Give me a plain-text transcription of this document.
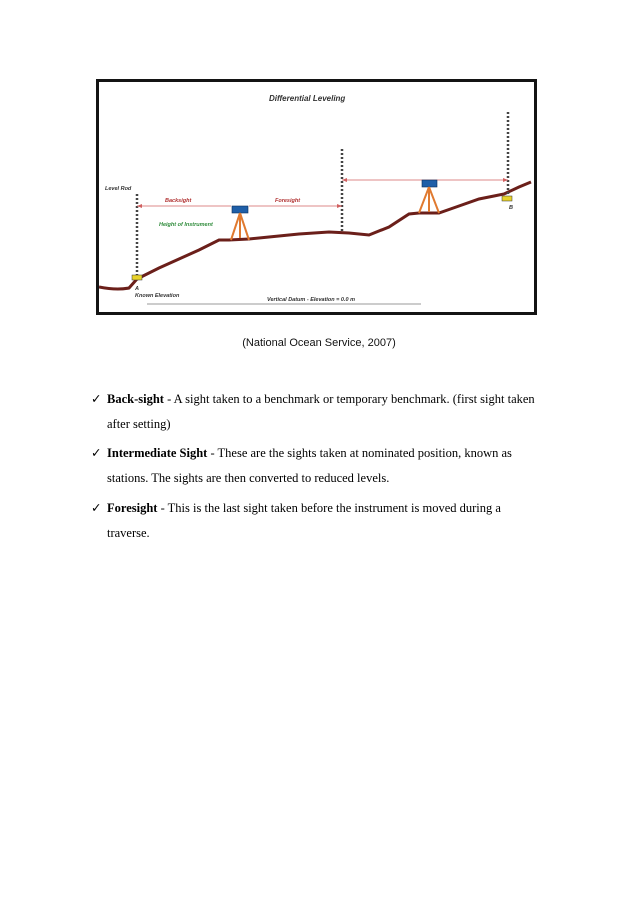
Differential Leveling
Backsight	Foresight
Height of Instrument
Level Rod
A
Known Elevation
B
Vertical Datum - Elevation = 0.0 m
(National Ocean Service, 2007)
✓ Back-sight - A sight taken to a benchmark or temporary benchmark. (first sight taken
after setting)
✓ Intermediate Sight - These are the sights taken at nominated position, known as
stations. The sights are then converted to reduced levels.
✓ Foresight - This is the last sight taken before the instrument is moved during a
traverse.
